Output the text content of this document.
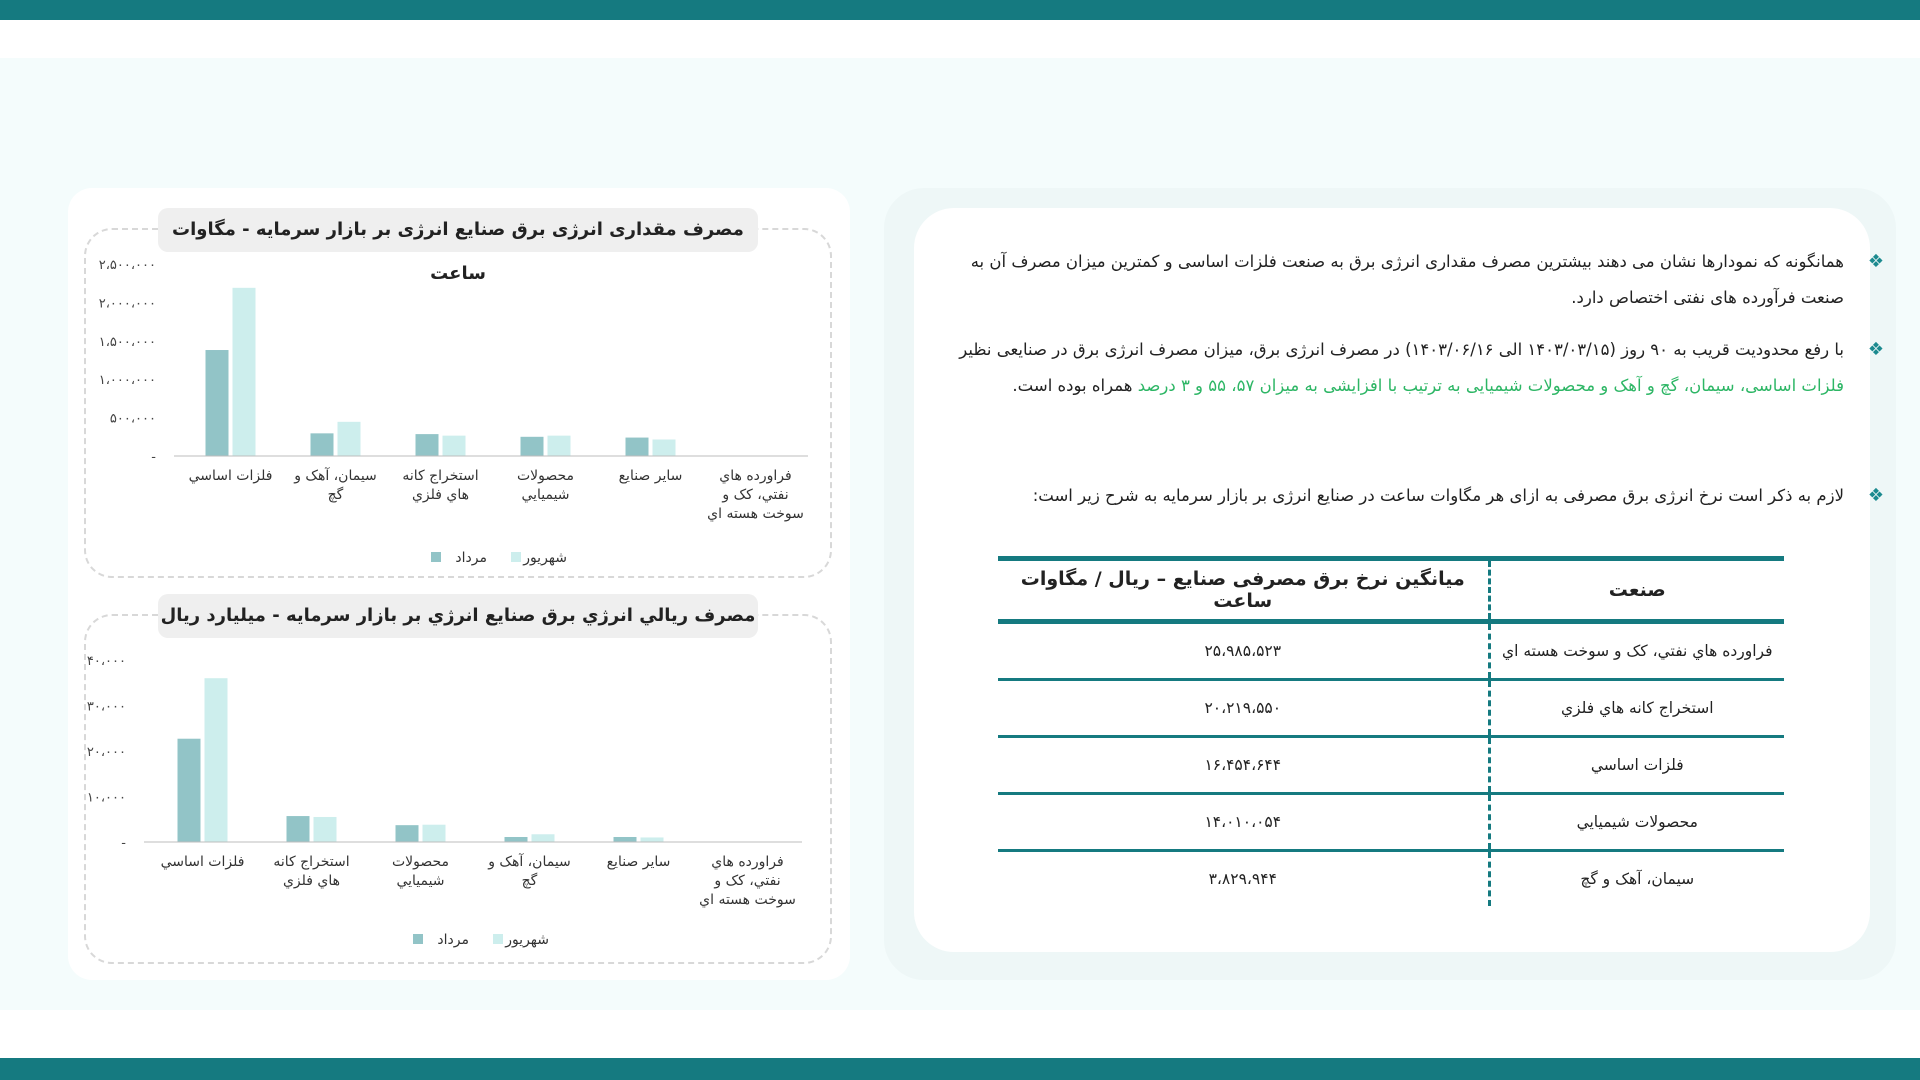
مصرف مقداری انرژی برق صنایع انرژی بر بازار سرمایه - مگاوات ساعت
مصرف ريالي انرژي برق صنايع انرژي بر بازار سرمايه - ميليارد ريال
-
۵۰۰،۰۰۰
۱،۰۰۰،۰۰۰
۱،۵۰۰،۰۰۰
۲،۰۰۰،۰۰۰
۲،۵۰۰،۰۰۰
فلزات اساسي سيمان، آهک و گچ
استخراج کانه هاي فلزي
محصولات شيميايي
ساير صنايع	فراورده هاي نفتي، کک و سوخت هسته اي
مرداد	شهريور
-
۱۰،۰۰۰
۲۰،۰۰۰
۳۰،۰۰۰
۴۰،۰۰۰
فلزات اساسي استخراج کانه هاي فلزي
محصولات شيميايي
سيمان، آهک و گچ
ساير صنايع	فراورده هاي نفتي، کک و سوخت هسته اي
مرداد	شهريور
❖
همانگونه که نمودارها نشان می دهند بیشترین مصرف مقداری انرژی برق به صنعت فلزات اساسی و کمترین میزان مصرف آن به صنعت فرآورده های نفتی اختصاص دارد.
❖
با رفع محدودیت قریب به ۹۰ روز (۱۴۰۳/۰۳/۱۵ الی ۱۴۰۳/۰۶/۱۶) در مصرف انرژی برق، میزان مصرف انرژی برق در صنایعی نظیر فلزات اساسی، سیمان، گچ و آهک و محصولات شیمیایی به ترتیب با افزایشی به میزان ۵۷، ۵۵ و ۳ درصد همراه بوده است.
❖
لازم به ذکر است نرخ انرژی برق مصرفی به ازای هر مگاوات ساعت در صنایع انرژی بر بازار سرمایه به شرح زیر است:
صنعت	میانگین نرخ برق مصرفی صنایع – ریال / مگاوات ساعت
فراورده هاي نفتي، کک و سوخت هسته اي	۲۵،۹۸۵،۵۲۳
استخراج کانه هاي فلزي	۲۰،۲۱۹،۵۵۰
فلزات اساسي	۱۶،۴۵۴،۶۴۴
محصولات شيميايي	۱۴،۰۱۰،۰۵۴
سيمان، آهک و گچ	۳،۸۲۹،۹۴۴
